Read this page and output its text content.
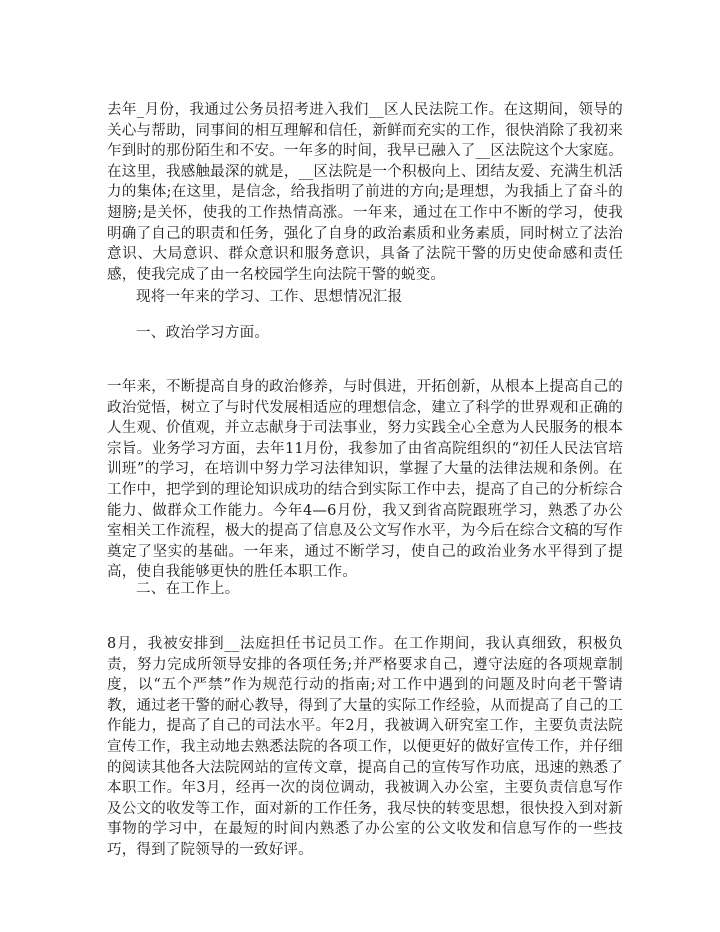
去年_月份，我通过公务员招考进入我们__区人民法院工作。在这期间，领导的关心与帮助，同事间的相互理解和信任，新鲜而充实的工作，很快消除了我初来乍到时的那份陌生和不安。一年多的时间，我早已融入了__区法院这个大家庭。在这里，我感触最深的就是，__区法院是一个积极向上、团结友爱、充满生机活力的集体;在这里，是信念，给我指明了前进的方向;是理想，为我插上了奋斗的翅膀;是关怀，使我的工作热情高涨。一年来，通过在工作中不断的学习，使我明确了自己的职责和任务，强化了自身的政治素质和业务素质，同时树立了法治意识、大局意识、群众意识和服务意识，具备了法院干警的历史使命感和责任感，使我完成了由一名校园学生向法院干警的蜕变。

现将一年来的学习、工作、思想情况汇报

一、政治学习方面。

一年来，不断提高自身的政治修养，与时俱进，开拓创新，从根本上提高自己的政治觉悟，树立了与时代发展相适应的理想信念，建立了科学的世界观和正确的人生观、价值观，并立志献身于司法事业，努力实践全心全意为人民服务的根本宗旨。业务学习方面，去年11月份，我参加了由省高院组织的“初任人民法官培训班”的学习，在培训中努力学习法律知识，掌握了大量的法律法规和条例。在工作中，把学到的理论知识成功的结合到实际工作中去，提高了自己的分析综合能力、做群众工作能力。今年4—6月份，我又到省高院跟班学习，熟悉了办公室相关工作流程，极大的提高了信息及公文写作水平，为今后在综合文稿的写作奠定了坚实的基础。一年来，通过不断学习，使自己的政治业务水平得到了提高，使自我能够更快的胜任本职工作。

二、在工作上。

8月，我被安排到__法庭担任书记员工作。在工作期间，我认真细致，积极负责，努力完成所领导安排的各项任务;并严格要求自己，遵守法庭的各项规章制度，以“五个严禁”作为规范行动的指南;对工作中遇到的问题及时向老干警请教，通过老干警的耐心教导，得到了大量的实际工作经验，从而提高了自己的工作能力，提高了自己的司法水平。年2月，我被调入研究室工作，主要负责法院宣传工作，我主动地去熟悉法院的各项工作，以便更好的做好宣传工作，并仔细的阅读其他各大法院网站的宣传文章，提高自己的宣传写作功底，迅速的熟悉了本职工作。年3月，经再一次的岗位调动，我被调入办公室，主要负责信息写作及公文的收发等工作，面对新的工作任务，我尽快的转变思想，很快投入到对新事物的学习中，在最短的时间内熟悉了办公室的公文收发和信息写作的一些技巧，得到了院领导的一致好评。
